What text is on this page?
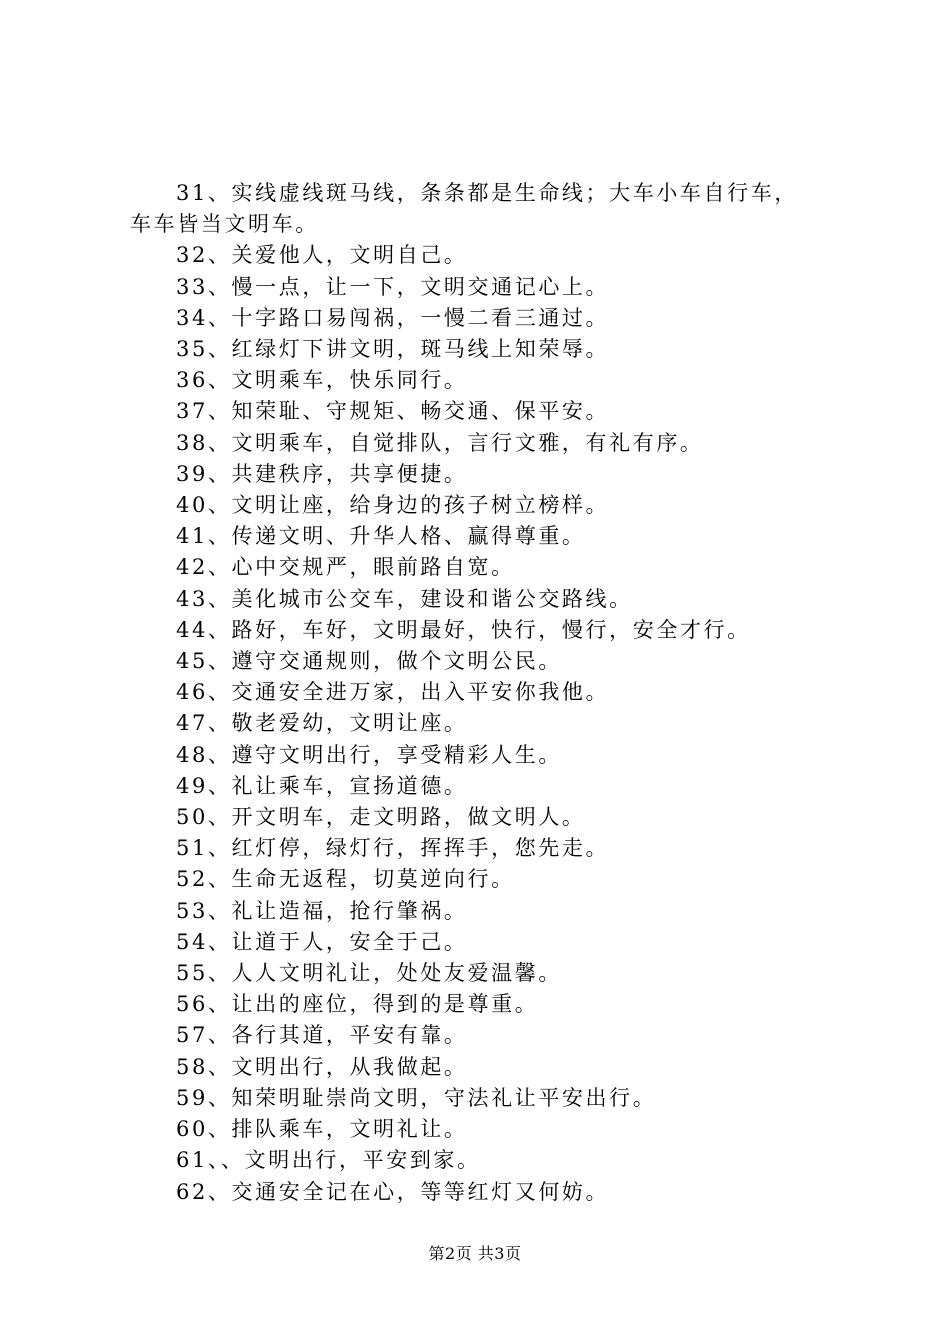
31、实线虚线斑马线，条条都是生命线；大车小车自行车，
车车皆当文明车。
32、关爱他人，文明自己。
33、慢一点，让一下，文明交通记心上。
34、十字路口易闯祸，一慢二看三通过。
35、红绿灯下讲文明，斑马线上知荣辱。
36、文明乘车，快乐同行。
37、知荣耻、守规矩、畅交通、保平安。
38、文明乘车，自觉排队，言行文雅，有礼有序。
39、共建秩序，共享便捷。
40、文明让座，给身边的孩子树立榜样。
41、传递文明、升华人格、赢得尊重。
42、心中交规严，眼前路自宽。
43、美化城市公交车，建设和谐公交路线。
44、路好，车好，文明最好，快行，慢行，安全才行。
45、遵守交通规则，做个文明公民。
46、交通安全进万家，出入平安你我他。
47、敬老爱幼，文明让座。
48、遵守文明出行，享受精彩人生。
49、礼让乘车，宣扬道德。
50、开文明车，走文明路，做文明人。
51、红灯停，绿灯行，挥挥手，您先走。
52、生命无返程，切莫逆向行。
53、礼让造福，抢行肇祸。
54、让道于人，安全于己。
55、人人文明礼让，处处友爱温馨。
56、让出的座位，得到的是尊重。
57、各行其道，平安有靠。
58、文明出行，从我做起。
59、知荣明耻崇尚文明，守法礼让平安出行。
60、排队乘车，文明礼让。
61、、文明出行，平安到家。
62、交通安全记在心，等等红灯又何妨。
第2页 共3页
